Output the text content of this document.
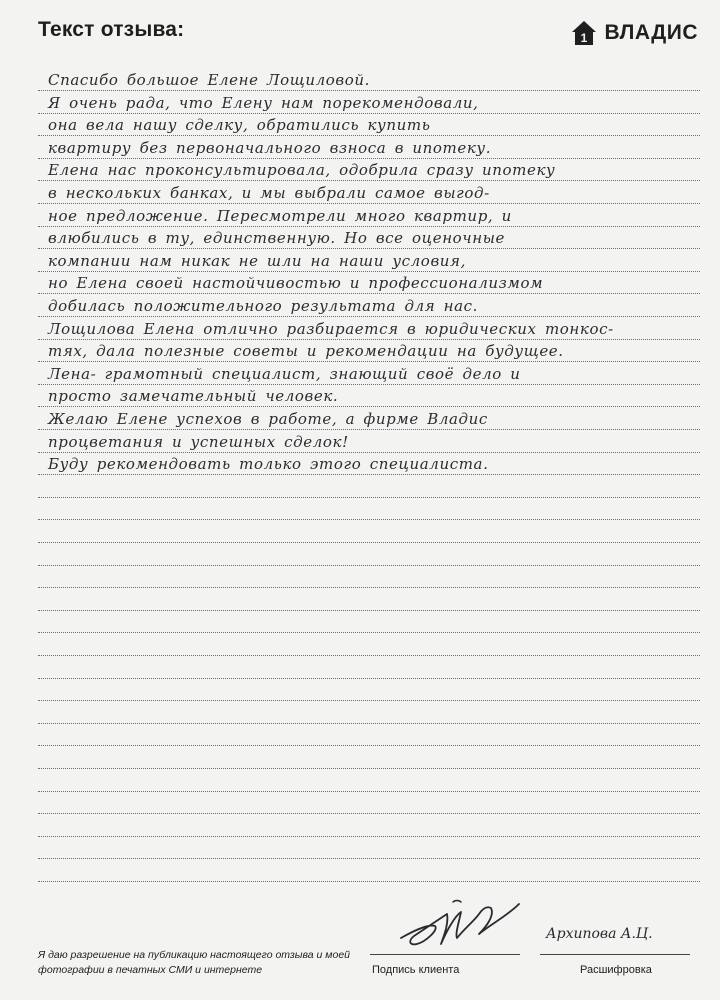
Текст отзыва:	1 ВЛАДИС
Спасибо большое Елене Лощиловой.
Я очень рада, что Елену нам порекомендовали,
она вела нашу сделку, обратились купить
квартиру без первоначального взноса в ипотеку.
Елена нас проконсультировала, одобрила сразу ипотеку
в нескольких банках, и мы выбрали самое выгод-
ное предложение. Пересмотрели много квартир, и
влюбились в ту, единственную. Но все оценочные
компании нам никак не шли на наши условия,
но Елена своей настойчивостью и профессионализмом
добилась положительного результата для нас.
Лощилова Елена отлично разбирается в юридических тонкос-
тях, дала полезные советы и рекомендации на будущее.
Лена- грамотный специалист, знающий своё дело и
просто замечательный человек.
Желаю Елене успехов в работе, а фирме Владис
процветания и успешных сделок!
Буду рекомендовать только этого специалиста.
Я даю разрешение на публикацию настоящего отзыва и моей фотографии в печатных СМИ и интернете	Подпись клиента
Архиповa А.Ц.
Расшифровка
